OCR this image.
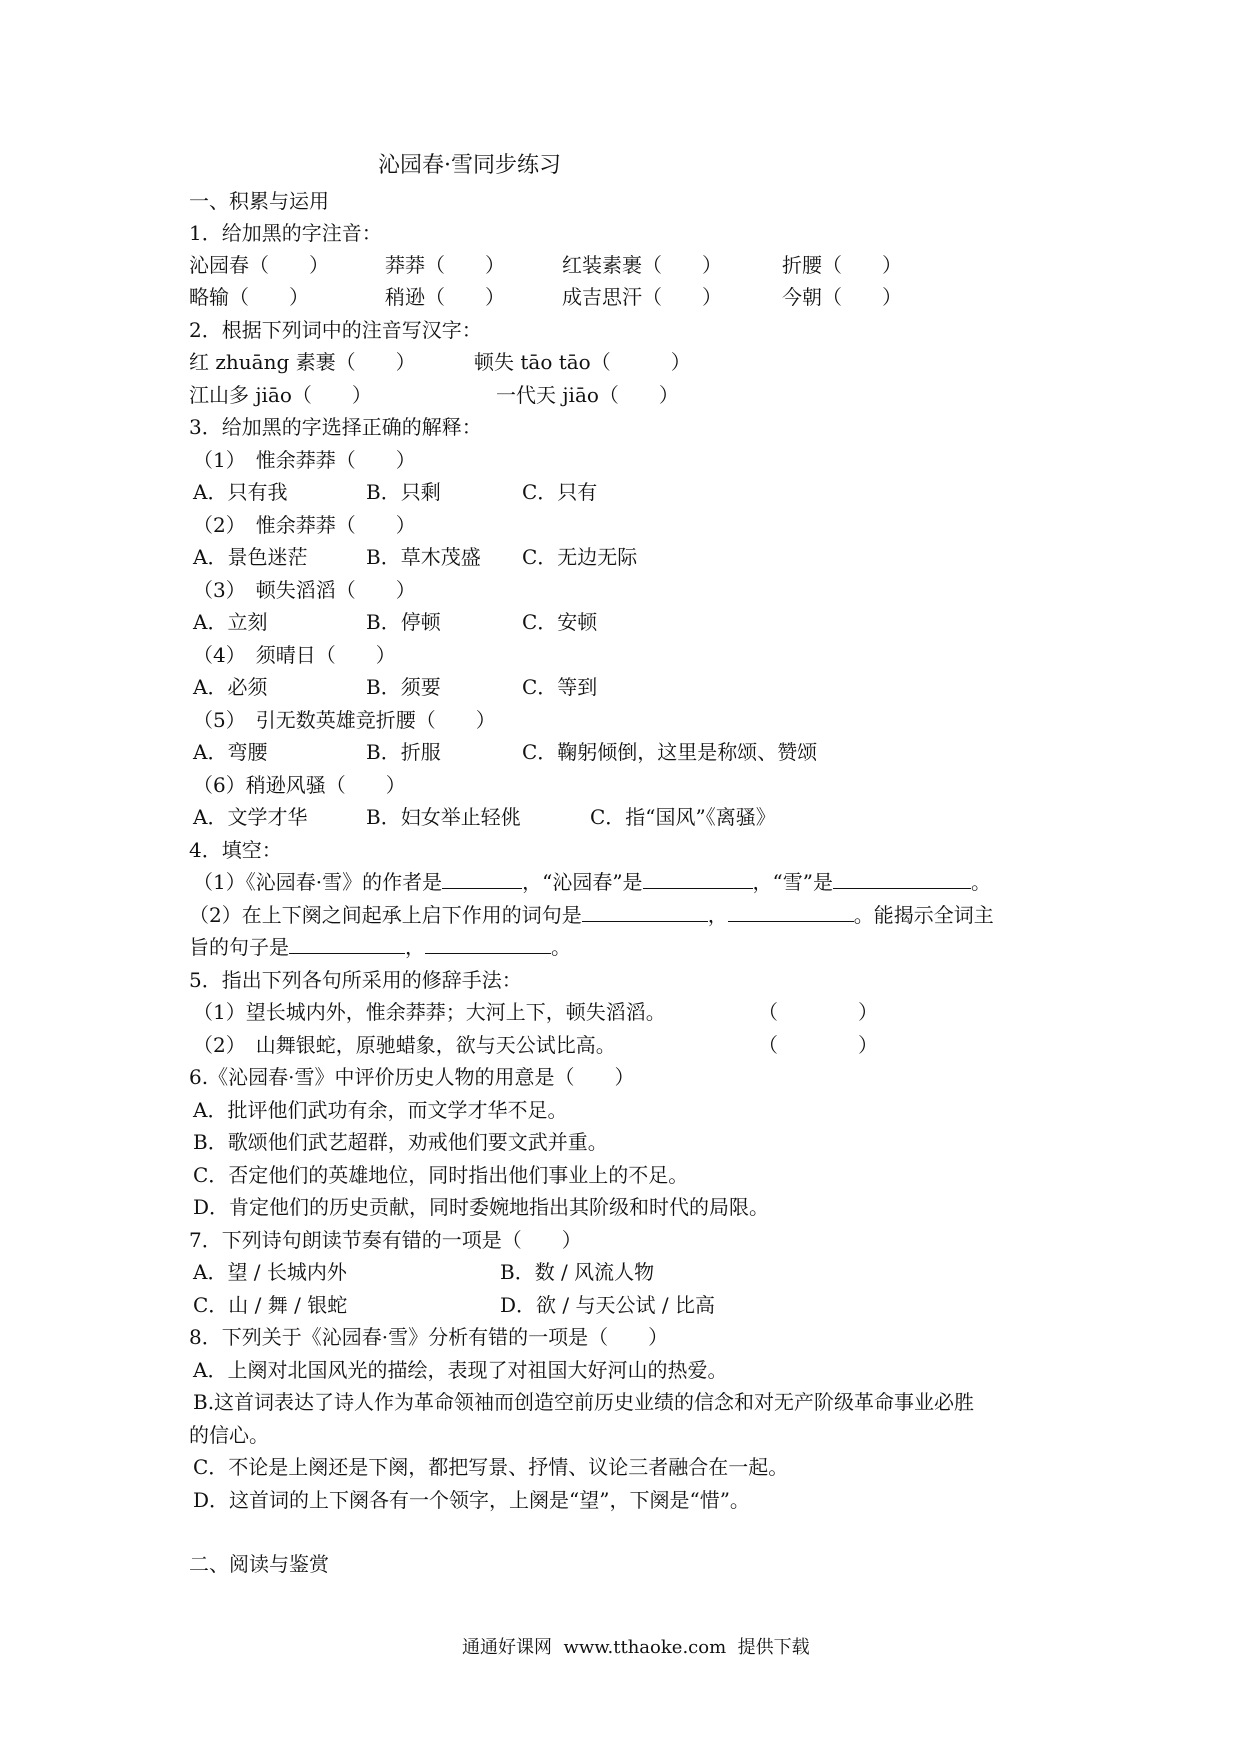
沁园春·雪同步练习
一、积累与运用
1．给加黑的字注音：
沁园春（　　）	莽莽（　　）	红装素裹（　　）	折腰（　　）
略输（　　）	稍逊（　　）	成吉思汗（　　）	今朝（　　）
2．根据下列词中的注音写汉字：
红 zhuāng 素裹（　　）	顿失 tāo tāo（　　　）
江山多 jiāo（　　）	一代天 jiāo（　　）
3．给加黑的字选择正确的解释：
（1）　惟余莽莽（　　）
A．只有我	B．只剩	C．只有
（2）　惟余莽莽（　　）
A．景色迷茫	B．草木茂盛 C．无边无际
（3）　顿失滔滔（　　）
A．立刻	B．停顿	C．安顿
（4）　须晴日（　　）
A．必须	B．须要	C．等到
（5）　引无数英雄竞折腰（　　）
A．弯腰	B．折服	C．鞠躬倾倒，这里是称颂、赞颂
（6）稍逊风骚（　　）
A．文学才华	B．妇女举止轻佻	C．指“国风”《离骚》
4．填空：
（1）《沁园春·雪》的作者是	，“沁园春”是	，“雪”是	。
（2）在上下阕之间起承上启下作用的词句是	，	。能揭示全词主
旨的句子是	，	。
5．指出下列各句所采用的修辞手法：
（1）望长城内外，惟余莽莽；大河上下，顿失滔滔。	（　　　　）
（2）　山舞银蛇，原驰蜡象，欲与天公试比高。	（　　　　）
6.《沁园春·雪》中评价历史人物的用意是（　　）
A．批评他们武功有余，而文学才华不足。
B．歌颂他们武艺超群，劝戒他们要文武并重。
C．否定他们的英雄地位，同时指出他们事业上的不足。
D．肯定他们的历史贡献，同时委婉地指出其阶级和时代的局限。
7．下列诗句朗读节奏有错的一项是（　　）
A．望 / 长城内外	B．数 / 风流人物
C．山 / 舞 / 银蛇	D．欲 / 与天公试 / 比高
8．下列关于《沁园春·雪》分析有错的一项是（　　）
A．上阕对北国风光的描绘，表现了对祖国大好河山的热爱。
B.这首词表达了诗人作为革命领袖而创造空前历史业绩的信念和对无产阶级革命事业必胜
的信心。
C．不论是上阕还是下阕，都把写景、抒情、议论三者融合在一起。
D．这首词的上下阕各有一个领字，上阕是“望”，下阕是“惜”。
二、阅读与鉴赏
通通好课网  www.tthaoke.com  提供下载
